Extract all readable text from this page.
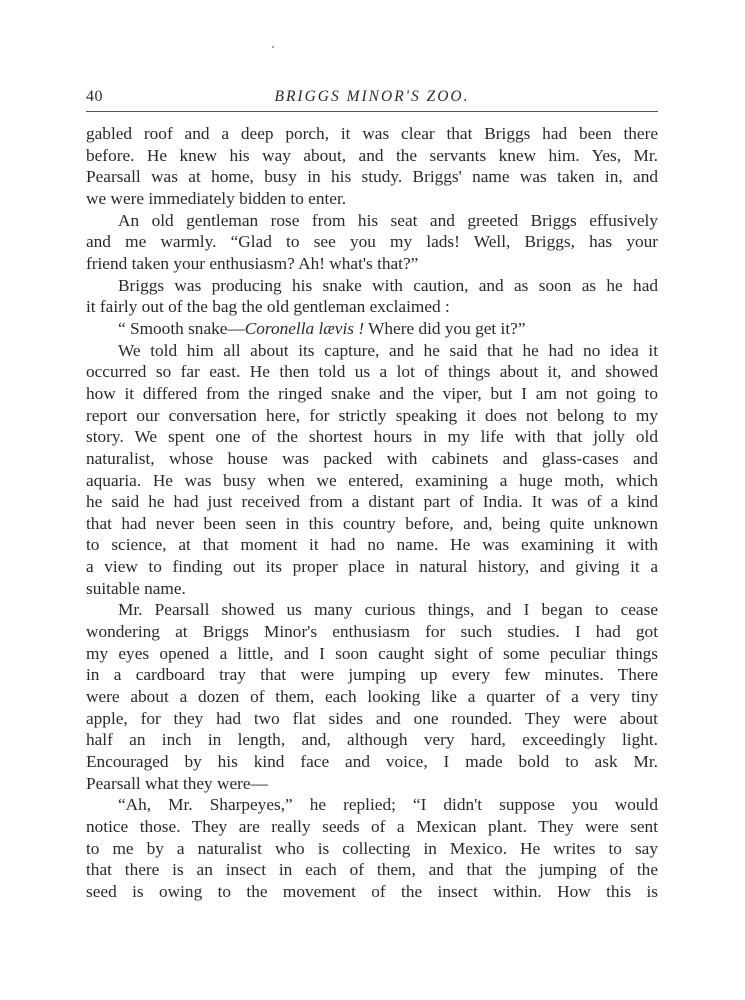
40	BRIGGS MINOR'S ZOO.
gabled roof and a deep porch, it was clear that Briggs had been there
before. He knew his way about, and the servants knew him. Yes, Mr.
Pearsall was at home, busy in his study. Briggs' name was taken in, and
we were immediately bidden to enter.
An old gentleman rose from his seat and greeted Briggs effusively
and me warmly. “Glad to see you my lads! Well, Briggs, has your
friend taken your enthusiasm? Ah! what's that?”
Briggs was producing his snake with caution, and as soon as he had
it fairly out of the bag the old gentleman exclaimed :
“ Smooth snake—Coronella lævis ! Where did you get it?”
We told him all about its capture, and he said that he had no idea it
occurred so far east. He then told us a lot of things about it, and showed
how it differed from the ringed snake and the viper, but I am not going to
report our conversation here, for strictly speaking it does not belong to my
story. We spent one of the shortest hours in my life with that jolly old
naturalist, whose house was packed with cabinets and glass-cases and
aquaria. He was busy when we entered, examining a huge moth, which
he said he had just received from a distant part of India. It was of a kind
that had never been seen in this country before, and, being quite unknown
to science, at that moment it had no name. He was examining it with
a view to finding out its proper place in natural history, and giving it a
suitable name.
Mr. Pearsall showed us many curious things, and I began to cease
wondering at Briggs Minor's enthusiasm for such studies. I had got
my eyes opened a little, and I soon caught sight of some peculiar things
in a cardboard tray that were jumping up every few minutes. There
were about a dozen of them, each looking like a quarter of a very tiny
apple, for they had two flat sides and one rounded. They were about
half an inch in length, and, although very hard, exceedingly light.
Encouraged by his kind face and voice, I made bold to ask Mr.
Pearsall what they were—
“Ah, Mr. Sharpeyes,” he replied; “I didn't suppose you would
notice those. They are really seeds of a Mexican plant. They were sent
to me by a naturalist who is collecting in Mexico. He writes to say
that there is an insect in each of them, and that the jumping of the
seed is owing to the movement of the insect within. How this is
